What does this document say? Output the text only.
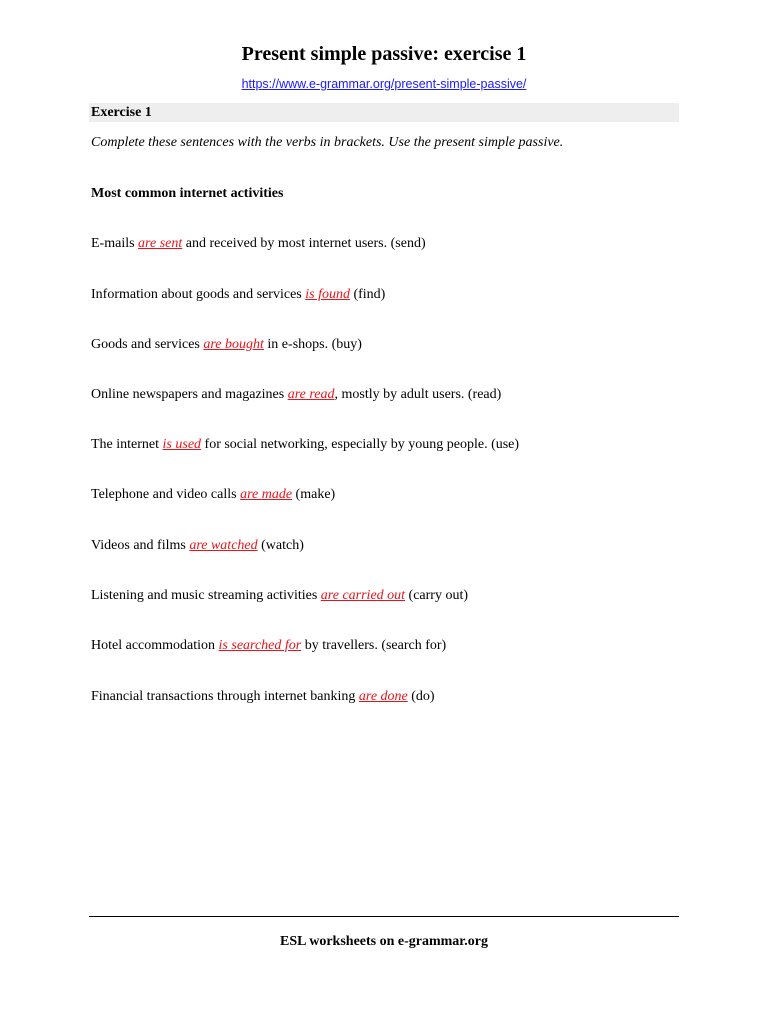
Present simple passive: exercise 1
https://www.e-grammar.org/present-simple-passive/
Exercise 1
Complete these sentences with the verbs in brackets. Use the present simple passive.
Most common internet activities
E-mails are sent and received by most internet users. (send)
Information about goods and services is found (find)
Goods and services are bought in e-shops. (buy)
Online newspapers and magazines are read, mostly by adult users. (read)
The internet is used for social networking, especially by young people. (use)
Telephone and video calls are made (make)
Videos and films are watched (watch)
Listening and music streaming activities are carried out (carry out)
Hotel accommodation is searched for by travellers. (search for)
Financial transactions through internet banking are done (do)
ESL worksheets on e-grammar.org
